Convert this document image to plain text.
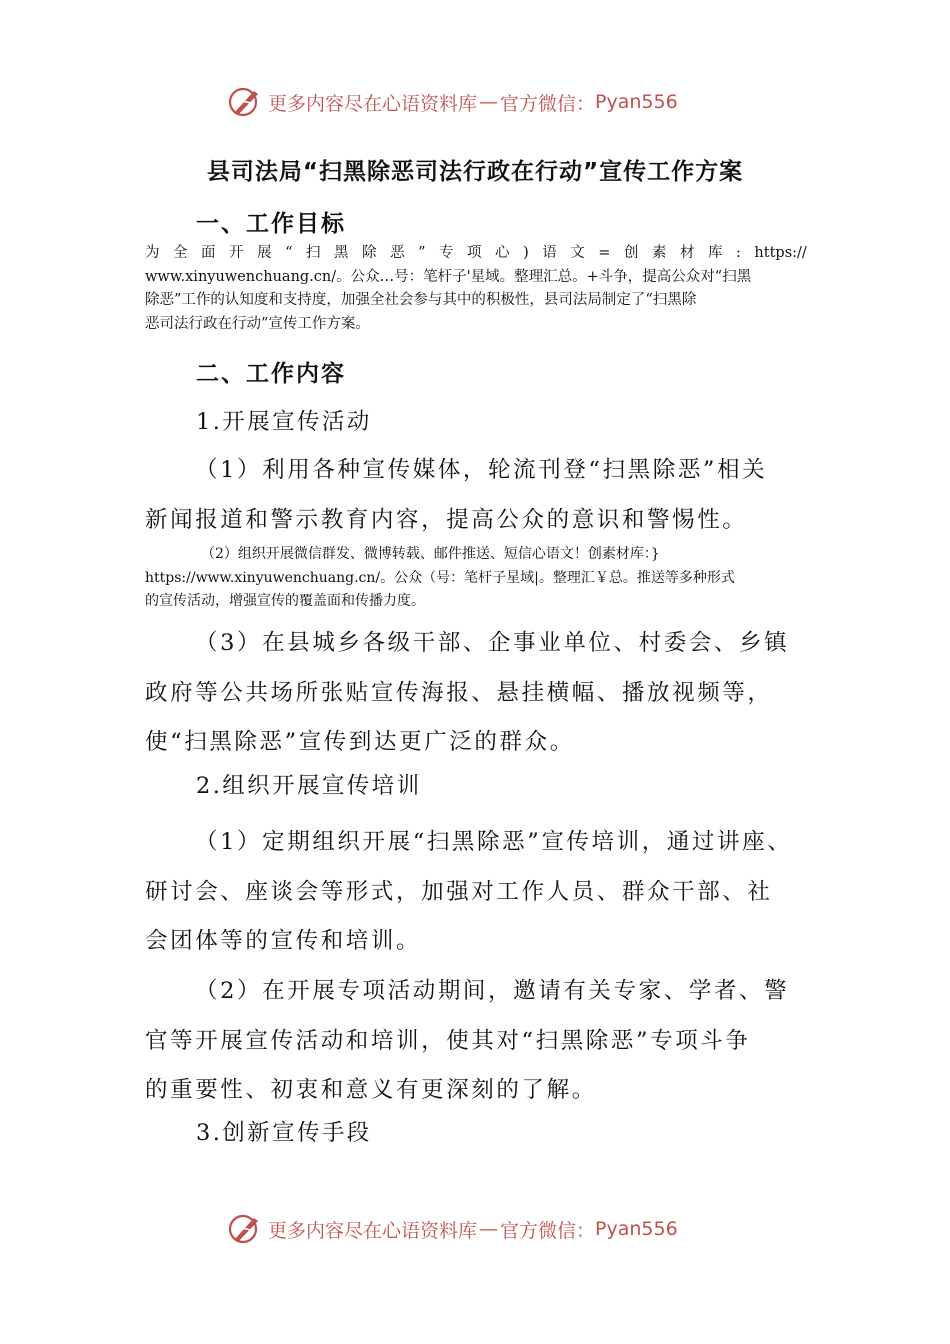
更多内容尽在心语资料库 — 官方微信： Pyan556
县司法局“扫黑除恶司法行政在行动”宣传工作方案
一、工作目标
为 全 面 开 展 “ 扫 黑 除 恶 ” 专 项 心 ) 语 文 = 创 素 材 库 : https://
www.xinyuwenchuang.cn/。公众…号：笔杆子'星域。整理汇总。+斗争，提高公众对“扫黑
除恶”工作的认知度和支持度，加强全社会参与其中的积极性，县司法局制定了“扫黑除
恶司法行政在行动”宣传工作方案。
二、工作内容
1.开展宣传活动
（1）利用各种宣传媒体，轮流刊登“扫黑除恶”相关
新闻报道和警示教育内容，提高公众的意识和警惕性。
（2）组织开展微信群发、微博转载、邮件推送、短信心语文！创素材库：}
https://www.xinyuwenchuang.cn/。公众（号：笔杆子星域|。整理汇￥总。推送等多种形式
的宣传活动，增强宣传的覆盖面和传播力度。
（3）在县城乡各级干部、企事业单位、村委会、乡镇
政府等公共场所张贴宣传海报、悬挂横幅、播放视频等，
使“扫黑除恶”宣传到达更广泛的群众。
2.组织开展宣传培训
（1）定期组织开展“扫黑除恶”宣传培训，通过讲座、
研讨会、座谈会等形式，加强对工作人员、群众干部、社
会团体等的宣传和培训。
（2）在开展专项活动期间，邀请有关专家、学者、警
官等开展宣传活动和培训，使其对“扫黑除恶”专项斗争
的重要性、初衷和意义有更深刻的了解。
3.创新宣传手段
更多内容尽在心语资料库 — 官方微信： Pyan556
